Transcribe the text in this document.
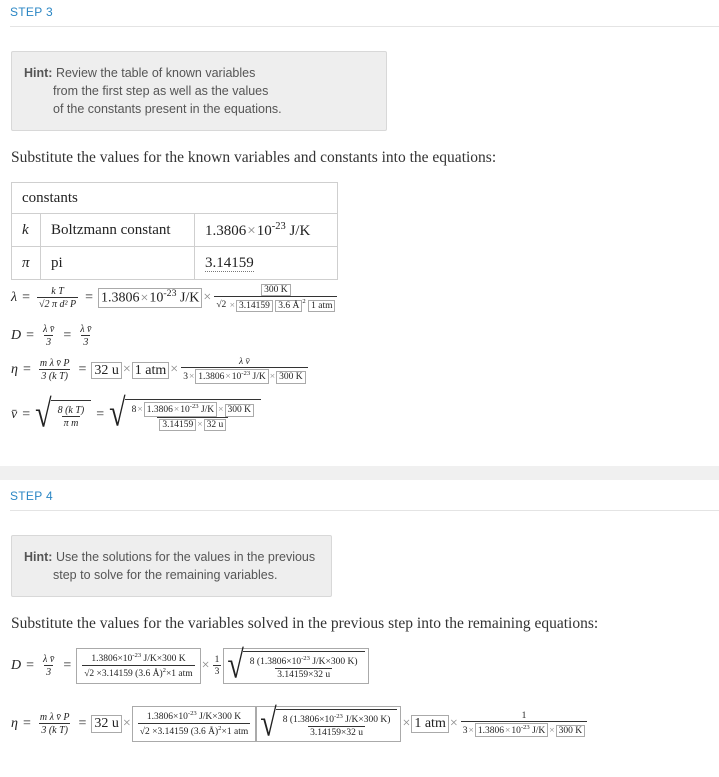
STEP 3
Hint: Review the table of known variables
from the first step as well as the values
of the constants present in the equations.
Substitute the values for the known variables and constants into the equations:
constants		
k	Boltzmann constant	$1.3806\times 10^{-23}$ J/K
π	pi	3.14159
$\lambda = \frac{\text{k T}}{\text{√2 π d² P}} = 1.3806\times 10^{-23}$ $J/K \times \frac{300 K}{√2 \times 3.14159 3.6 Å ^2 1 atm}$
$D = \frac{\text{λ v̄}}{3} = \frac{\text{λ v̄}}{3}$
$\eta = \frac{\text{m λ v̄ P}}{\text{3 (k T)}} = 32$ u × 1 atm × $\frac{\text{λ v̄}}{3\times 1.3806\times 10^{-23} J/K \times 300 K}$
v̄ = √ $\frac{\text{8 (k T)}}{\text{π m}}$ = √ $\frac{8\times 1.3806\times 10^{-23} J/K \times 300 K}{3.14159 \times 32 u}$
STEP 4
Hint: Use the solutions for the values in the previous
step to solve for the remaining variables.
Substitute the values for the variables solved in the previous step into the remaining equations:
$D = \frac{\text{λ v̄}}{3} = \frac{1.3806\times 10^{-23} J/K\times 300 K}{√2 \times 3.14159 (3.6 Å)^2\times 1 atm} \times \frac{1}{3}$ √ $\frac{8 (1.3806\times 10^{-23} J/K\times 300 K)}{3.14159\times 32 u}$
$\eta = \frac{\text{m λ v̄ P}}{\text{3 (k T)}} = 32$ $u \times \frac{1.3806\times 10^{-23} J/K\times 300 K}{√2 \times 3.14159 (3.6 Å)^2\times 1 atm}$ √ $\frac{8 (1.3806\times 10^{-23} J/K\times 300 K)}{3.14159\times 32 u} \times 1$ atm × $\frac{1}{3\times 1.3806\times 10^{-23} J/K \times 300 K}$
